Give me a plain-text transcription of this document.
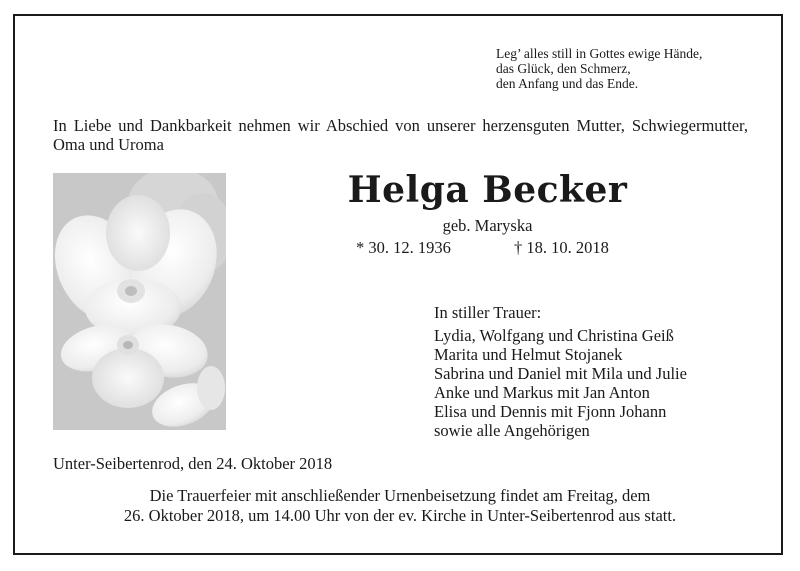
Leg’ alles still in Gottes ewige Hände,
das Glück, den Schmerz,
den Anfang und das Ende.

In Liebe und Dankbarkeit nehmen wir Abschied von unserer herzensguten Mutter, Schwiegermutter, Oma und Uroma

Helga Becker
geb. Maryska
* 30. 12. 1936	† 18. 10. 2018
In stiller Trauer:
Lydia, Wolfgang und Christina Geiß
Marita und Helmut Stojanek
Sabrina und Daniel mit Mila und Julie
Anke und Markus mit Jan Anton
Elisa und Dennis mit Fjonn Johann
sowie alle Angehörigen
Unter-Seibertenrod, den 24. Oktober 2018
Die Trauerfeier mit anschließender Urnenbeisetzung findet am Freitag, dem
26. Oktober 2018, um 14.00 Uhr von der ev. Kirche in Unter-Seibertenrod aus statt.
